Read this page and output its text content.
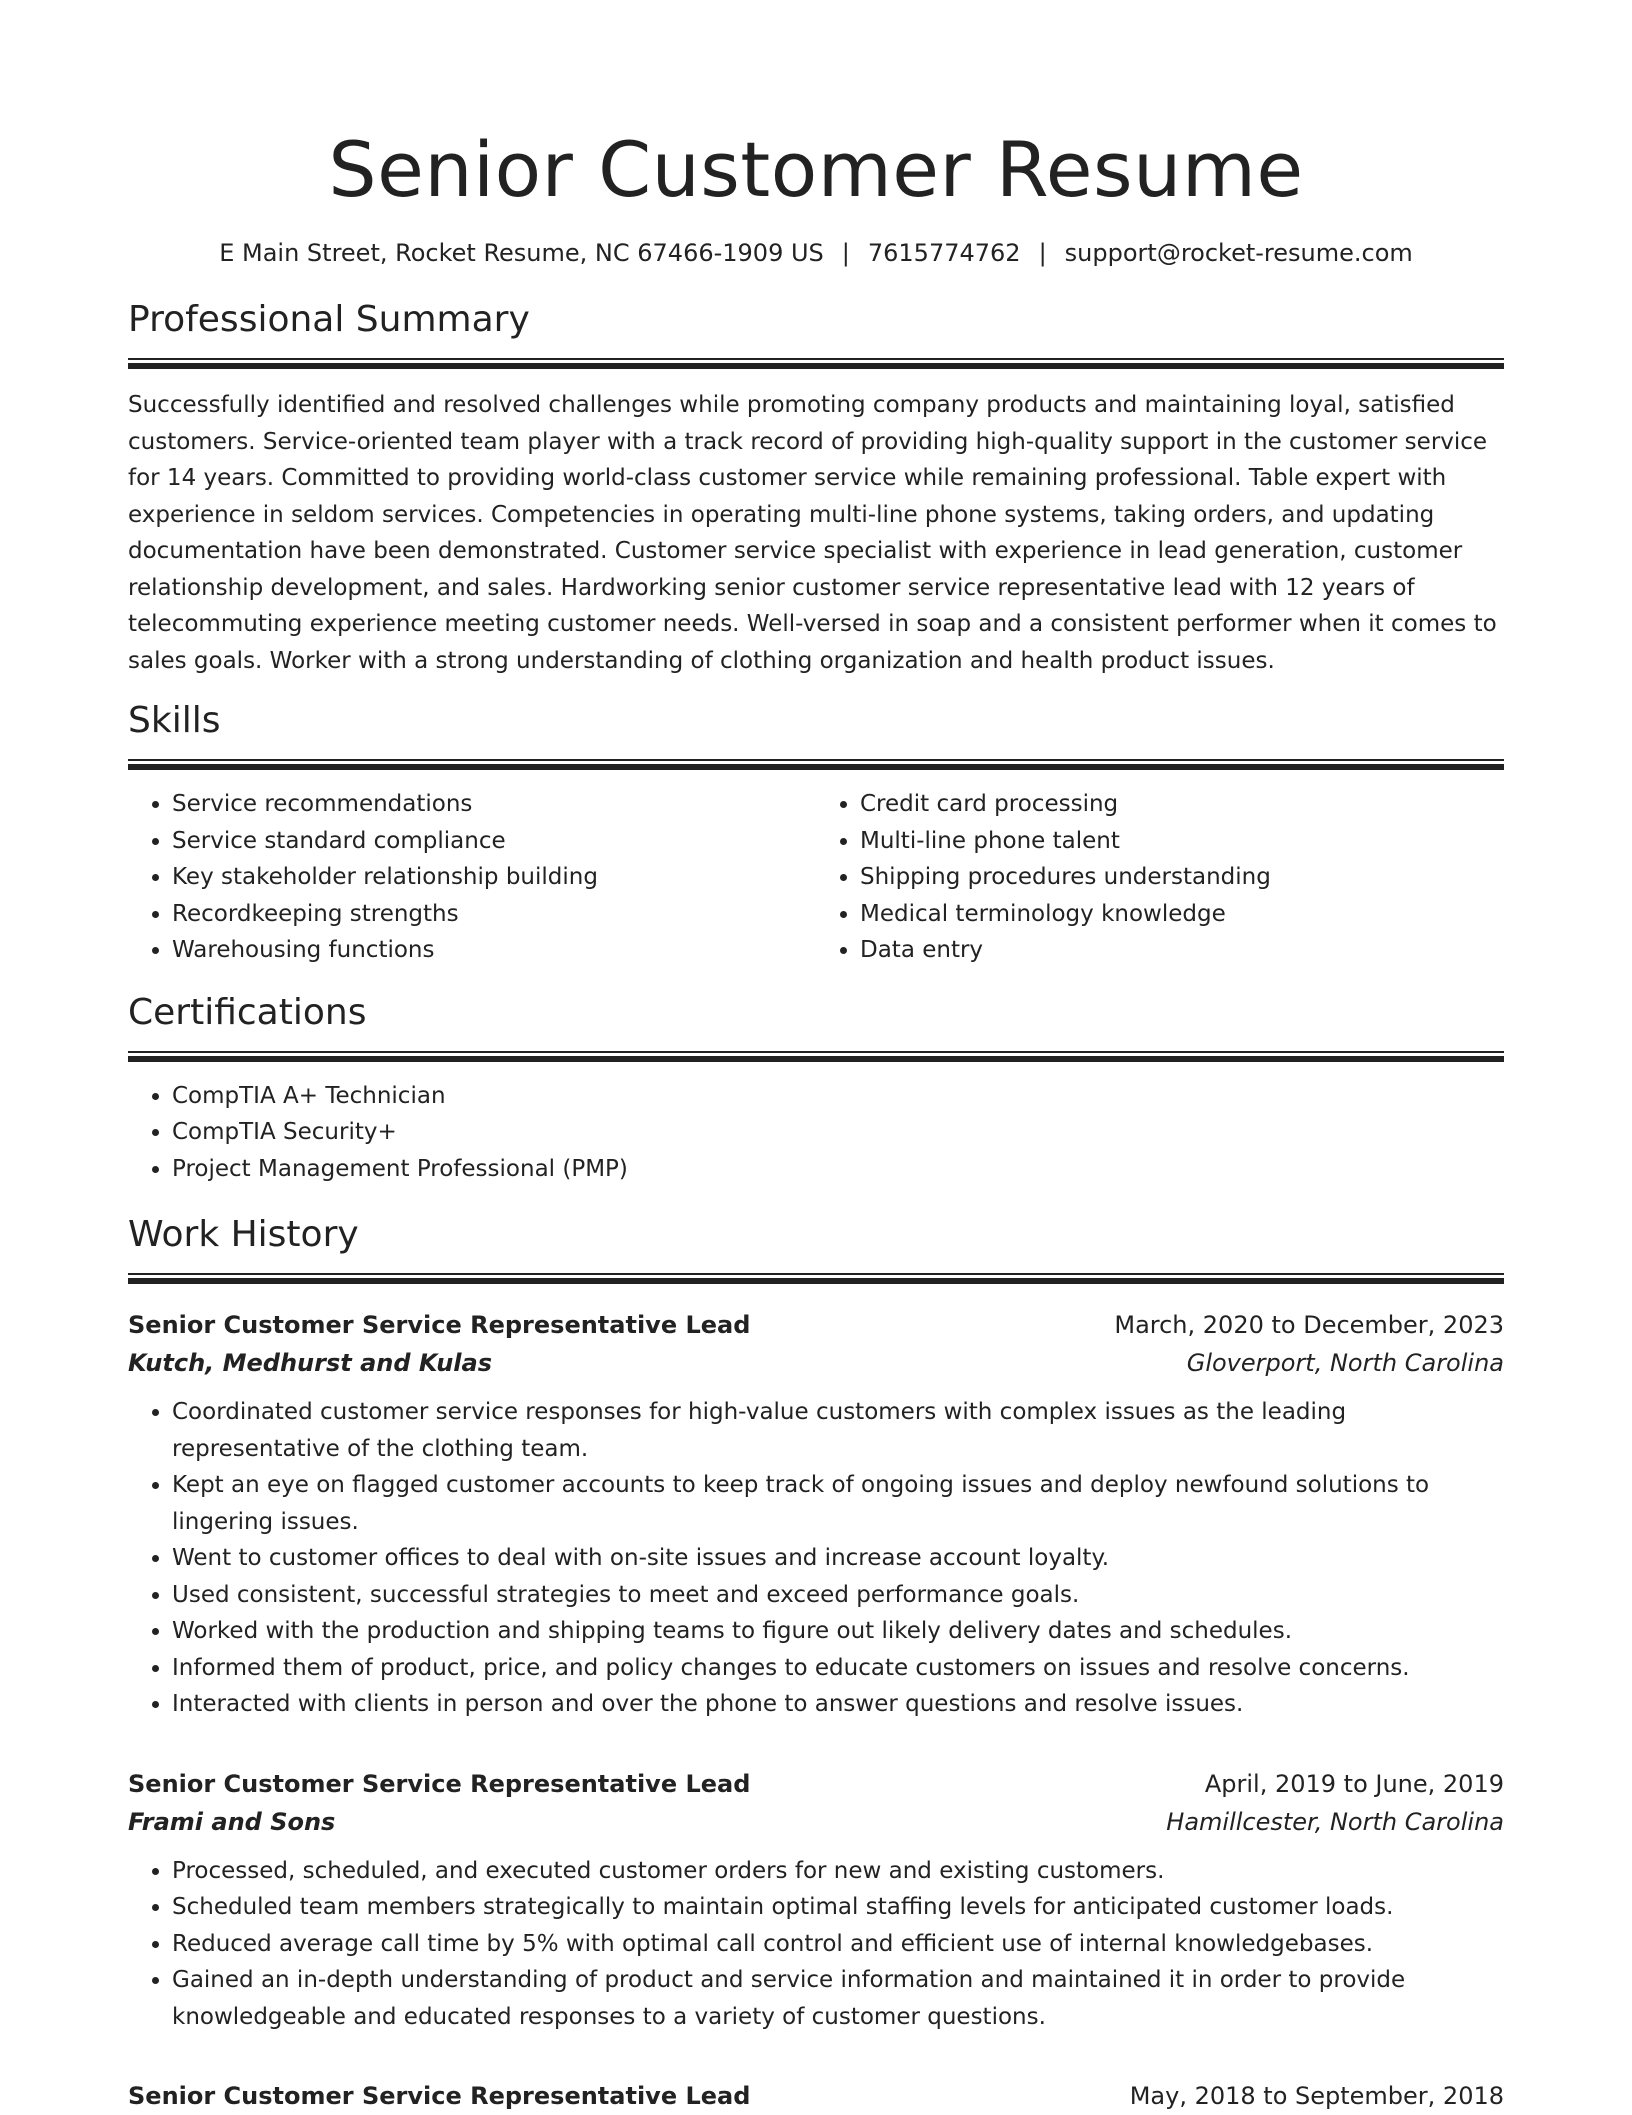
Senior Customer Resume
E Main Street, Rocket Resume, NC 67466-1909 US | 7615774762 | support@rocket-resume.com
Professional Summary

Successfully identified and resolved challenges while promoting company products and maintaining loyal, satisfied customers. Service-oriented team player with a track record of providing high-quality support in the customer service for 14 years. Committed to providing world-class customer service while remaining professional. Table expert with experience in seldom services. Competencies in operating multi-line phone systems, taking orders, and updating documentation have been demonstrated. Customer service specialist with experience in lead generation, customer relationship development, and sales. Hardworking senior customer service representative lead with 12 years of telecommuting experience meeting customer needs. Well-versed in soap and a consistent performer when it comes to sales goals. Worker with a strong understanding of clothing organization and health product issues.

Skills
• Service recommendations
• Service standard compliance
• Key stakeholder relationship building
• Recordkeeping strengths
• Warehousing functions
• Credit card processing
• Multi-line phone talent
• Shipping procedures understanding
• Medical terminology knowledge
• Data entry
Certifications
• CompTIA A+ Technician
• CompTIA Security+
• Project Management Professional (PMP)
Work History
Senior Customer Service Representative Lead	March, 2020 to December, 2023
Kutch, Medhurst and Kulas	Gloverport, North Carolina
• Coordinated customer service responses for high-value customers with complex issues as the leading representative of the clothing team.
• Kept an eye on flagged customer accounts to keep track of ongoing issues and deploy newfound solutions to lingering issues.
• Went to customer offices to deal with on-site issues and increase account loyalty.
• Used consistent, successful strategies to meet and exceed performance goals.
• Worked with the production and shipping teams to figure out likely delivery dates and schedules.
• Informed them of product, price, and policy changes to educate customers on issues and resolve concerns.
• Interacted with clients in person and over the phone to answer questions and resolve issues.
Senior Customer Service Representative Lead	April, 2019 to June, 2019
Frami and Sons	Hamillcester, North Carolina
• Processed, scheduled, and executed customer orders for new and existing customers.
• Scheduled team members strategically to maintain optimal staffing levels for anticipated customer loads.
• Reduced average call time by 5% with optimal call control and efficient use of internal knowledgebases.
• Gained an in-depth understanding of product and service information and maintained it in order to provide knowledgeable and educated responses to a variety of customer questions.
Senior Customer Service Representative Lead	May, 2018 to September, 2018
